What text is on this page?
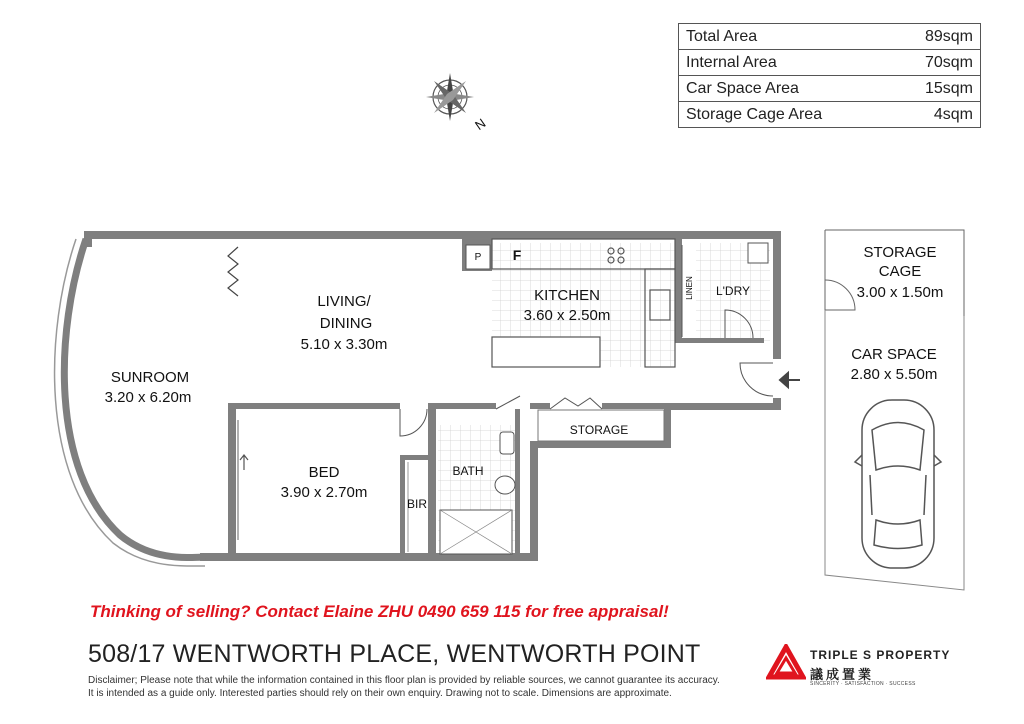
Total Area	89sqm
Internal Area	70sqm
Car Space Area	15sqm
Storage Cage Area	4sqm
N
SUNROOM
3.20 x 6.20m
LIVING/
DINING
5.10 x 3.30m
KITCHEN
3.60 x 2.50m
BED
3.90 x 2.70m
STORAGE
CAGE
3.00 x 1.50m
CAR SPACE
2.80 x 5.50m
L'DRY
BIR
BATH
STORAGE
P F
LINEN
Thinking of selling? Contact Elaine ZHU 0490 659 115 for free appraisal!
508/17 WENTWORTH PLACE, WENTWORTH POINT
Disclaimer; Please note that while the information contained in this floor plan is provided by reliable sources, we cannot guarantee its accuracy.
It is intended as a guide only. Interested parties should rely on their own enquiry. Drawing not to scale. Dimensions are approximate.
TRIPLE S PROPERTY
議成置業
SINCERITY · SATISFACTION · SUCCESS
